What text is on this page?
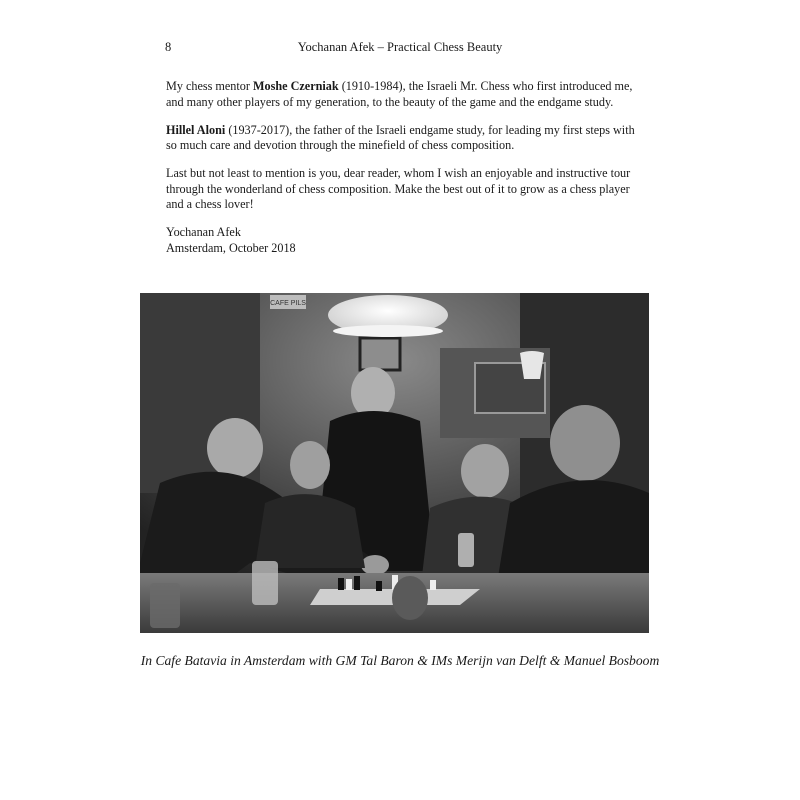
8	Yochanan Afek – Practical Chess Beauty

My chess mentor Moshe Czerniak (1910-1984), the Israeli Mr. Chess who first introduced me, and many other players of my generation, to the beauty of the game and the endgame study.

Hillel Aloni (1937-2017), the father of the Israeli endgame study, for leading my first steps with so much care and devotion through the minefield of chess composition.

Last but not least to mention is you, dear reader, whom I wish an enjoyable and instructive tour through the wonderland of chess composition. Make the best out of it to grow as a chess player and a chess lover!

Yochanan Afek
Amsterdam, October 2018
CAFE PILS
In Cafe Batavia in Amsterdam with GM Tal Baron & IMs Merijn van Delft & Manuel Bosboom
